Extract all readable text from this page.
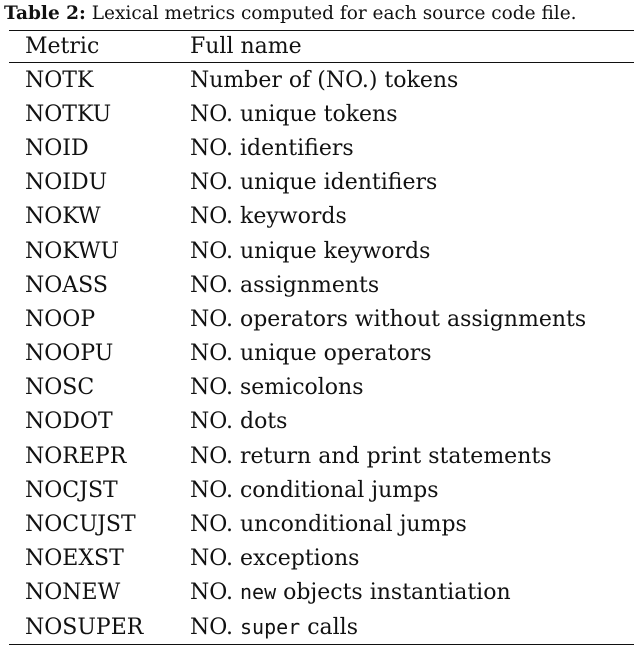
Table 2: Lexical metrics computed for each source code file.
Metric	Full name
NOTK	Number of (NO.) tokens
NOTKU	NO. unique tokens
NOID	NO. identifiers
NOIDU	NO. unique identifiers
NOKW	NO. keywords
NOKWU	NO. unique keywords
NOASS	NO. assignments
NOOP	NO. operators without assignments
NOOPU	NO. unique operators
NOSC	NO. semicolons
NODOT	NO. dots
NOREPR	NO. return and print statements
NOCJST	NO. conditional jumps
NOCUJST	NO. unconditional jumps
NOEXST	NO. exceptions
NONEW	NO. new objects instantiation
NOSUPER	NO. super calls
